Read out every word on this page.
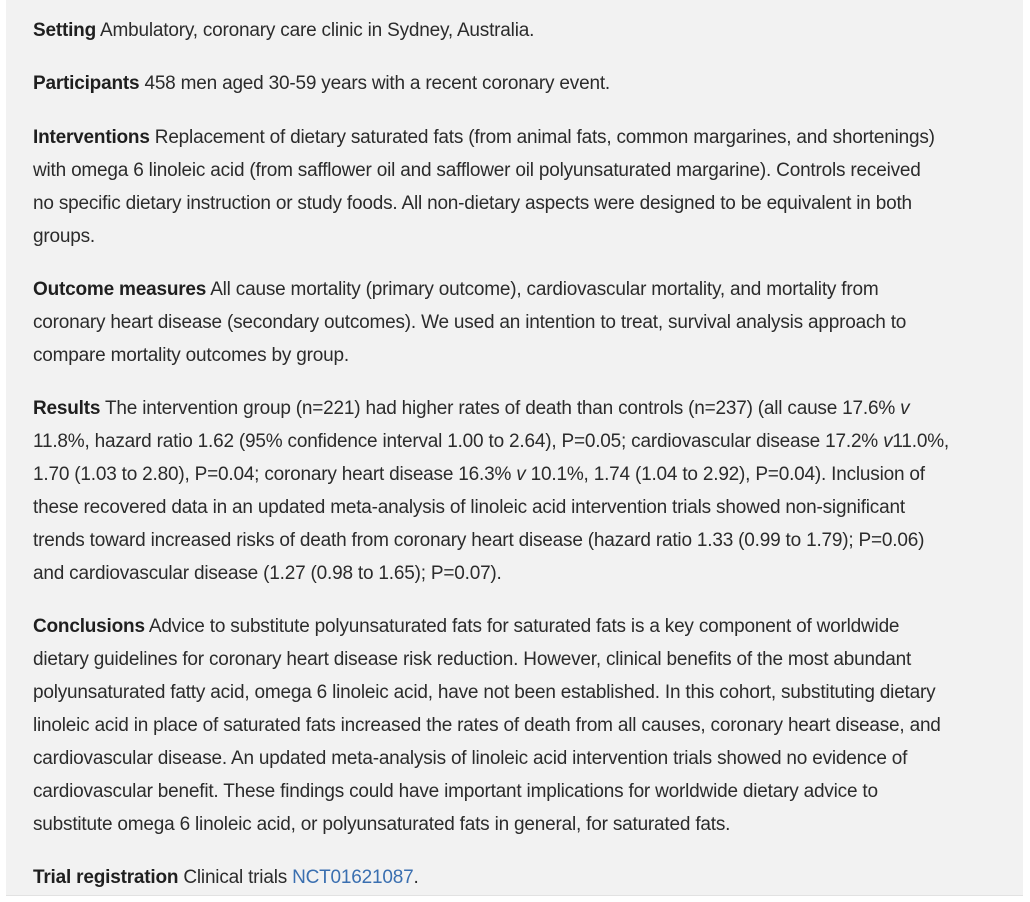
Setting Ambulatory, coronary care clinic in Sydney, Australia.

Participants 458 men aged 30-59 years with a recent coronary event.

Interventions Replacement of dietary saturated fats (from animal fats, common margarines, and shortenings)
with omega 6 linoleic acid (from safflower oil and safflower oil polyunsaturated margarine). Controls received
no specific dietary instruction or study foods. All non-dietary aspects were designed to be equivalent in both
groups.

Outcome measures All cause mortality (primary outcome), cardiovascular mortality, and mortality from
coronary heart disease (secondary outcomes). We used an intention to treat, survival analysis approach to
compare mortality outcomes by group.

Results The intervention group (n=221) had higher rates of death than controls (n=237) (all cause 17.6% v
11.8%, hazard ratio 1.62 (95% confidence interval 1.00 to 2.64), P=0.05; cardiovascular disease 17.2% v11.0%,
1.70 (1.03 to 2.80), P=0.04; coronary heart disease 16.3% v 10.1%, 1.74 (1.04 to 2.92), P=0.04). Inclusion of
these recovered data in an updated meta-analysis of linoleic acid intervention trials showed non-significant
trends toward increased risks of death from coronary heart disease (hazard ratio 1.33 (0.99 to 1.79); P=0.06)
and cardiovascular disease (1.27 (0.98 to 1.65); P=0.07).

Conclusions Advice to substitute polyunsaturated fats for saturated fats is a key component of worldwide
dietary guidelines for coronary heart disease risk reduction. However, clinical benefits of the most abundant
polyunsaturated fatty acid, omega 6 linoleic acid, have not been established. In this cohort, substituting dietary
linoleic acid in place of saturated fats increased the rates of death from all causes, coronary heart disease, and
cardiovascular disease. An updated meta-analysis of linoleic acid intervention trials showed no evidence of
cardiovascular benefit. These findings could have important implications for worldwide dietary advice to
substitute omega 6 linoleic acid, or polyunsaturated fats in general, for saturated fats.

Trial registration Clinical trials NCT01621087.
